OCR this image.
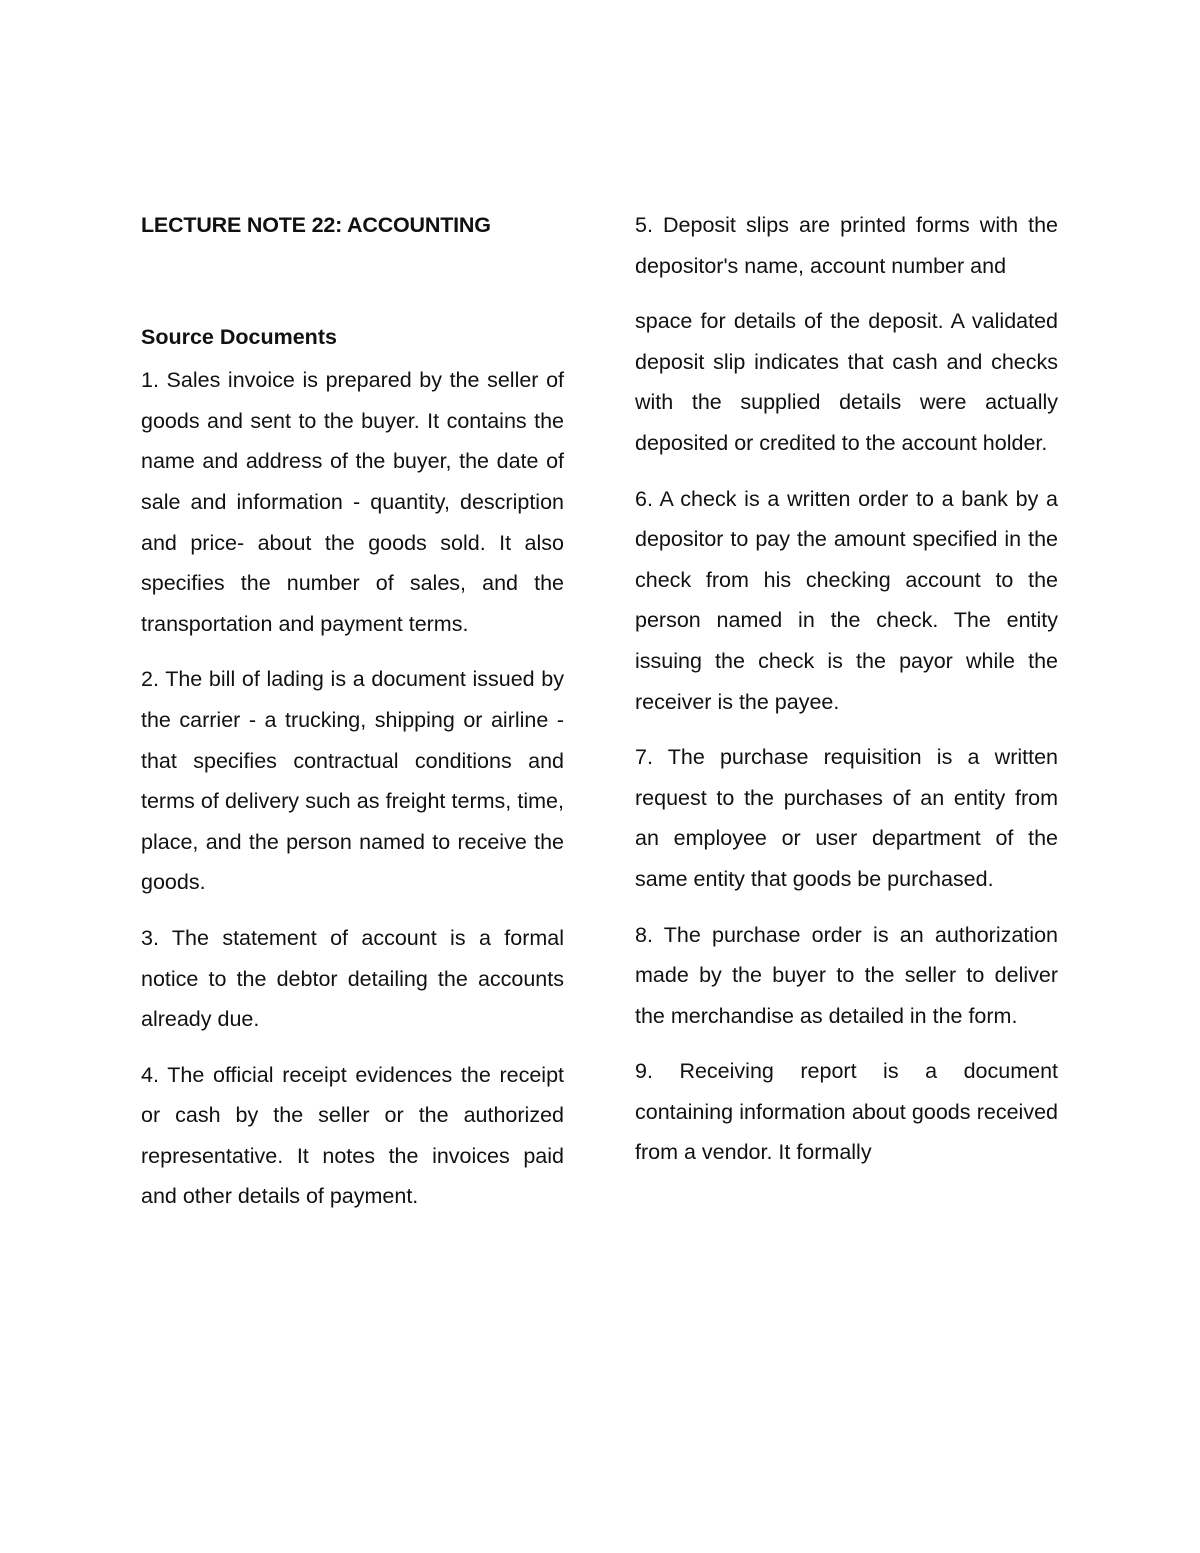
LECTURE NOTE 22: ACCOUNTING
Source Documents

1. Sales invoice is prepared by the seller of goods and sent to the buyer. It contains the name and address of the buyer, the date of sale and information - quantity, description and price- about the goods sold. It also specifies the number of sales, and the transportation and payment terms.

2. The bill of lading is a document issued by the carrier - a trucking, shipping or airline - that specifies contractual conditions and terms of delivery such as freight terms, time, place, and the person named to receive the goods.

3. The statement of account is a formal notice to the debtor detailing the accounts already due.

4. The official receipt evidences the receipt or cash by the seller or the authorized representative. It notes the invoices paid and other details of payment.

5. Deposit slips are printed forms with the depositor's name, account number and

space for details of the deposit. A validated deposit slip indicates that cash and checks with the supplied details were actually deposited or credited to the account holder.

6. A check is a written order to a bank by a depositor to pay the amount specified in the check from his checking account to the person named in the check. The entity issuing the check is the payor while the receiver is the payee.

7. The purchase requisition is a written request to the purchases of an entity from an employee or user department of the same entity that goods be purchased.

8. The purchase order is an authorization made by the buyer to the seller to deliver the merchandise as detailed in the form.

9. Receiving report is a document containing information about goods received from a vendor. It formally
